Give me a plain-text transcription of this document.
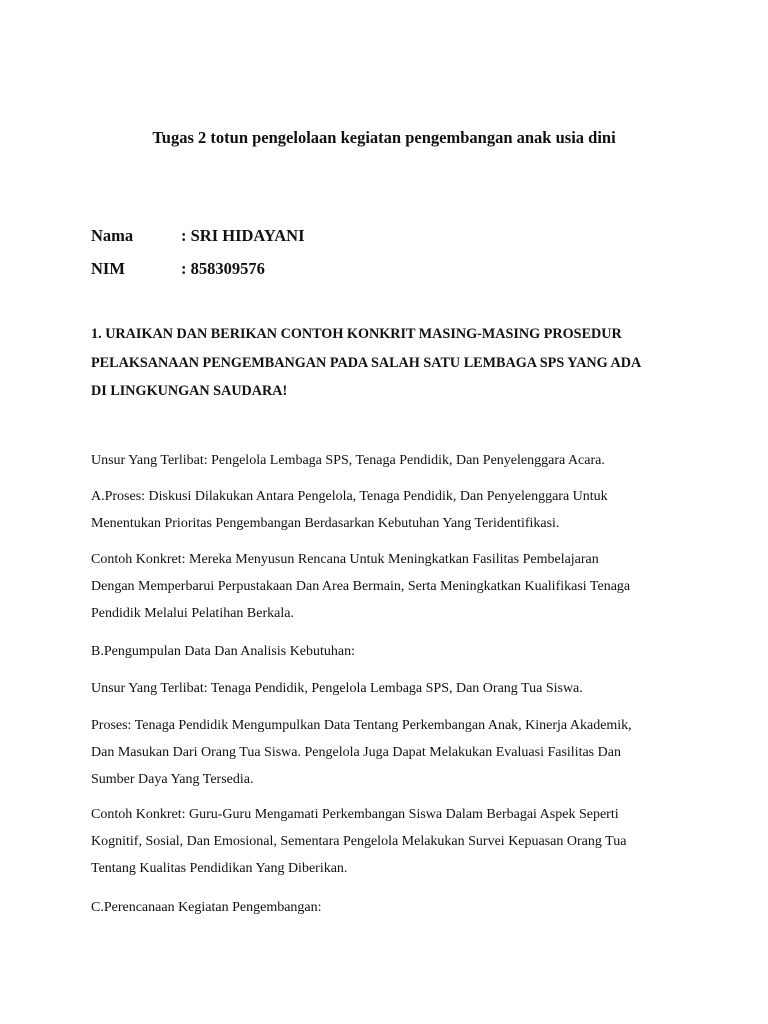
Tugas 2 totun pengelolaan kegiatan pengembangan anak usia dini
Nama	: SRI HIDAYANI
NIM	: 858309576
1. URAIKAN DAN BERIKAN CONTOH KONKRIT MASING-MASING PROSEDUR
PELAKSANAAN PENGEMBANGAN PADA SALAH SATU LEMBAGA SPS YANG ADA
DI LINGKUNGAN SAUDARA!
Unsur Yang Terlibat: Pengelola Lembaga SPS, Tenaga Pendidik, Dan Penyelenggara Acara.
A.Proses: Diskusi Dilakukan Antara Pengelola, Tenaga Pendidik, Dan Penyelenggara Untuk
Menentukan Prioritas Pengembangan Berdasarkan Kebutuhan Yang Teridentifikasi.
Contoh Konkret: Mereka Menyusun Rencana Untuk Meningkatkan Fasilitas Pembelajaran
Dengan Memperbarui Perpustakaan Dan Area Bermain, Serta Meningkatkan Kualifikasi Tenaga
Pendidik Melalui Pelatihan Berkala.
B.Pengumpulan Data Dan Analisis Kebutuhan:
Unsur Yang Terlibat: Tenaga Pendidik, Pengelola Lembaga SPS, Dan Orang Tua Siswa.
Proses: Tenaga Pendidik Mengumpulkan Data Tentang Perkembangan Anak, Kinerja Akademik,
Dan Masukan Dari Orang Tua Siswa. Pengelola Juga Dapat Melakukan Evaluasi Fasilitas Dan
Sumber Daya Yang Tersedia.
Contoh Konkret: Guru-Guru Mengamati Perkembangan Siswa Dalam Berbagai Aspek Seperti
Kognitif, Sosial, Dan Emosional, Sementara Pengelola Melakukan Survei Kepuasan Orang Tua
Tentang Kualitas Pendidikan Yang Diberikan.
C.Perencanaan Kegiatan Pengembangan:
